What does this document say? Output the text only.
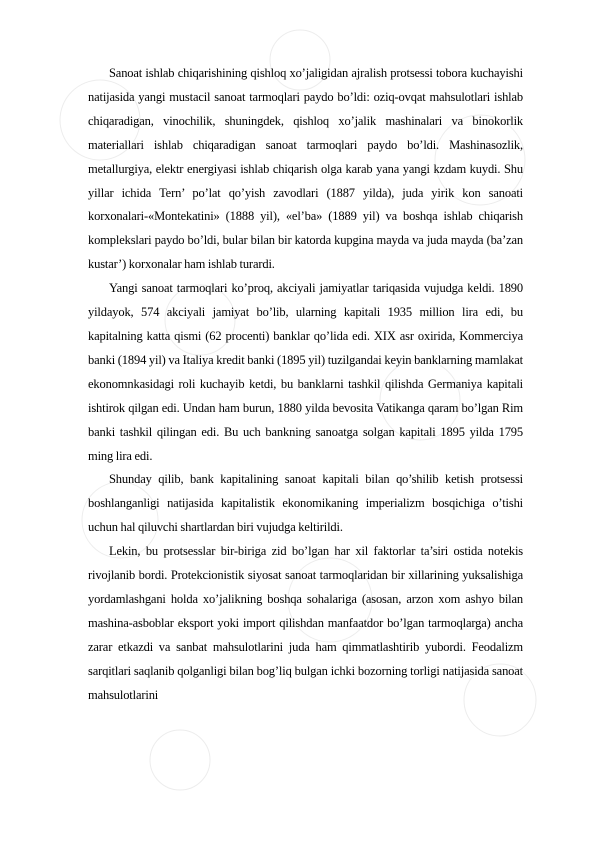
Sanoat ishlab chiqarishining qishloq xo’jaligidan ajralish protsessi tobora kuchayishi natijasida yangi mustacil sanoat tarmoqlari paydo bo’ldi: oziq-ovqat mahsulotlari ishlab chiqaradigan, vinochilik, shuningdek, qishloq xo’jalik mashinalari va binokorlik materiallari ishlab chiqaradigan sanoat tarmoqlari paydo bo’ldi. Mashinasozlik, metallurgiya, elektr energiyasi ishlab chiqarish olga karab yana yangi kzdam kuydi. Shu yillar ichida Tern’ po’lat qo’yish zavodlari (1887 yilda), juda yirik kon sanoati korxonalari-«Montekatini» (1888 yil), «el’ba» (1889 yil) va boshqa ishlab chiqarish komplekslari paydo bo’ldi, bular bilan bir katorda kupgina mayda va juda mayda (ba’zan kustar’) korxonalar ham ishlab turardi.

Yangi sanoat tarmoqlari ko’proq, akciyali jamiyatlar tariqasida vujudga keldi. 1890 yildayok, 574 akciyali jamiyat bo’lib, ularning kapitali 1935 million lira edi, bu kapitalning katta qismi (62 procenti) banklar qo’lida edi. XIX asr oxirida, Kommerciya banki (1894 yil) va Italiya kredit banki (1895 yil) tuzilgandai keyin banklarning mamlakat ekonomnkasidagi roli kuchayib ketdi, bu banklarni tashkil qilishda Germaniya kapitali ishtirok qilgan edi. Undan ham burun, 1880 yilda bevosita Vatikanga qaram bo’lgan Rim banki tashkil qilingan edi. Bu uch bankning sanoatga solgan kapitali 1895 yilda 1795 ming lira edi.

Shunday qilib, bank kapitalining sanoat kapitali bilan qo’shilib ketish protsessi boshlanganligi natijasida kapitalistik ekonomikaning imperializm bosqichiga o’tishi uchun hal qiluvchi shartlardan biri vujudga keltirildi.

Lekin, bu protsesslar bir-biriga zid bo’lgan har xil faktorlar ta’siri ostida notekis rivojlanib bordi. Protekcionistik siyosat sanoat tarmoqlaridan bir xillarining yuksalishiga yordamlashgani holda xo’jalikning boshqa sohalariga (asosan, arzon xom ashyo bilan mashina-asboblar eksport yoki import qilishdan manfaatdor bo’lgan tarmoqlarga) ancha zarar etkazdi va sanbat mahsulotlarini juda ham qimmatlashtirib yubordi. Feodalizm sarqitlari saqlanib qolganligi bilan bog’liq bulgan ichki bozorning torligi natijasida sanoat mahsulotlarini
